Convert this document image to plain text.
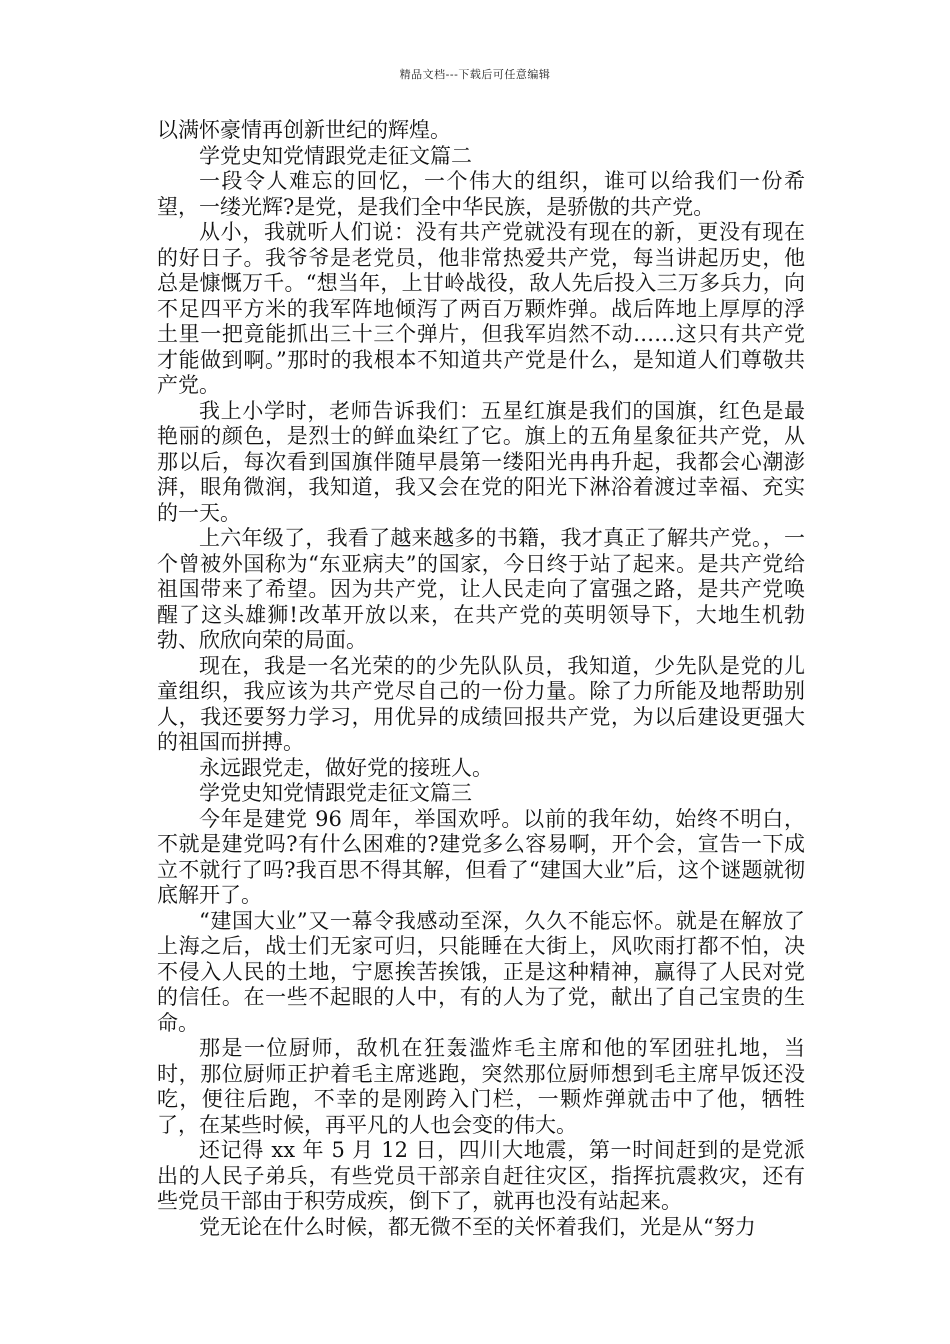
精品文档---下载后可任意编辑

以满怀豪情再创新世纪的辉煌。

学党史知党情跟党走征文篇二

一段令人难忘的回忆，一个伟大的组织，谁可以给我们一份希望，一缕光辉?是党，是我们全中华民族，是骄傲的共产党。

从小，我就听人们说：没有共产党就没有现在的新，更没有现在的好日子。我爷爷是老党员，他非常热爱共产党，每当讲起历史，他总是慷慨万千。“想当年，上甘岭战役，敌人先后投入三万多兵力，向不足四平方米的我军阵地倾泻了两百万颗炸弹。战后阵地上厚厚的浮土里一把竟能抓出三十三个弹片，但我军岿然不动……这只有共产党才能做到啊。”那时的我根本不知道共产党是什么，是知道人们尊敬共产党。

我上小学时，老师告诉我们：五星红旗是我们的国旗，红色是最艳丽的颜色，是烈士的鲜血染红了它。旗上的五角星象征共产党，从那以后，每次看到国旗伴随早晨第一缕阳光冉冉升起，我都会心潮澎湃，眼角微润，我知道，我又会在党的阳光下淋浴着渡过幸福、充实的一天。

上六年级了，我看了越来越多的书籍，我才真正了解共产党。，一个曾被外国称为“东亚病夫”的国家，今日终于站了起来。是共产党给祖国带来了希望。因为共产党，让人民走向了富强之路，是共产党唤醒了这头雄狮!改革开放以来，在共产党的英明领导下，大地生机勃勃、欣欣向荣的局面。

现在，我是一名光荣的的少先队队员，我知道，少先队是党的儿童组织，我应该为共产党尽自己的一份力量。除了力所能及地帮助别人，我还要努力学习，用优异的成绩回报共产党，为以后建设更强大的祖国而拼搏。

永远跟党走，做好党的接班人。

学党史知党情跟党走征文篇三

今年是建党 96 周年，举国欢呼。以前的我年幼，始终不明白，不就是建党吗?有什么困难的?建党多么容易啊，开个会，宣告一下成立不就行了吗?我百思不得其解，但看了“建国大业”后，这个谜题就彻底解开了。

“建国大业”又一幕令我感动至深，久久不能忘怀。就是在解放了上海之后，战士们无家可归，只能睡在大街上，风吹雨打都不怕，决不侵入人民的土地，宁愿挨苦挨饿，正是这种精神，赢得了人民对党的信任。在一些不起眼的人中，有的人为了党，献出了自己宝贵的生命。

那是一位厨师，敌机在狂轰滥炸毛主席和他的军团驻扎地，当时，那位厨师正护着毛主席逃跑，突然那位厨师想到毛主席早饭还没吃，便往后跑，不幸的是刚跨入门栏，一颗炸弹就击中了他，牺牲了，在某些时候，再平凡的人也会变的伟大。

还记得 xx 年 5 月 12 日，四川大地震，第一时间赶到的是党派出的人民子弟兵，有些党员干部亲自赶往灾区，指挥抗震救灾，还有些党员干部由于积劳成疾，倒下了，就再也没有站起来。

党无论在什么时候，都无微不至的关怀着我们，光是从“努力
